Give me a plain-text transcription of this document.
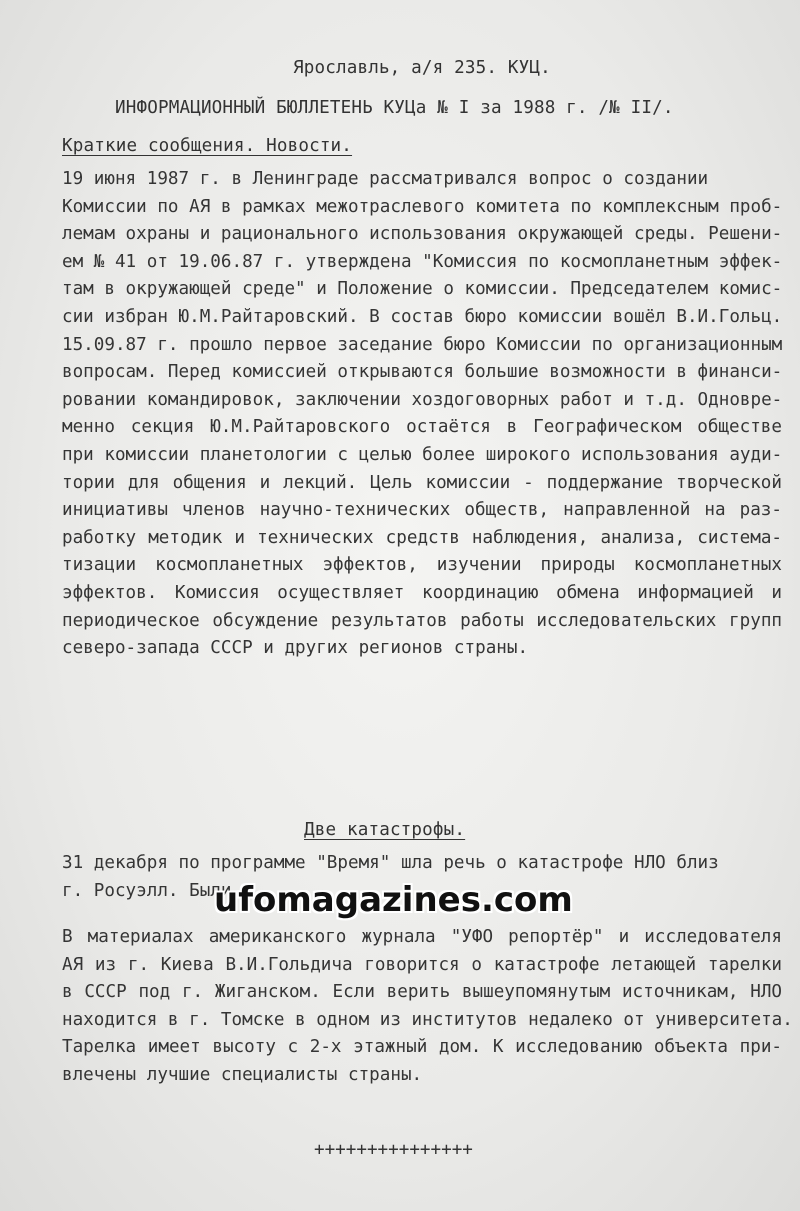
Ярославль, а/я 235. КУЦ.
ИНФОРМАЦИОННЫЙ БЮЛЛЕТЕНЬ КУЦа № I за 1988 г. /№ II/.
Краткие сообщения. Новости.
19 июня 1987 г. в Ленинграде рассматривался вопрос о создании
Комиссии по АЯ в рамках межотраслевого комитета по комплексным проб-
лемам охраны и рационального использования окружающей среды. Решени-
ем № 41 от 19.06.87 г. утверждена "Комиссия по космопланетным эффек-
там в окружающей среде" и Положение о комиссии. Председателем комис-
сии избран Ю.М.Райтаровский. В состав бюро комиссии вошёл В.И.Гольц.
15.09.87 г. прошло первое заседание бюро Комиссии по организационным
вопросам. Перед комиссией открываются большие возможности в финанси-
ровании командировок, заключении хоздоговорных работ и т.д. Одновре-
менно секция Ю.М.Райтаровского остаётся в Географическом обществе
при комиссии планетологии с целью более широкого использования ауди-
тории для общения и лекций. Цель комиссии - поддержание творческой
инициативы членов научно-технических обществ, направленной на раз-
работку методик и технических средств наблюдения, анализа, система-
тизации космопланетных эффектов, изучении природы космопланетных
эффектов. Комиссия осуществляет координацию обмена информацией и
периодическое обсуждение результатов работы исследовательских групп
северо-запада СССР и других регионов страны.
Две катастрофы.
31 декабря по программе "Время" шла речь о катастрофе НЛО близ
г. Росуэлл. Были п
В материалах американского журнала "УФО репортёр" и исследователя
АЯ из г. Киева В.И.Гольдича говорится о катастрофе летающей тарелки
в СССР под г. Жиганском. Если верить вышеупомянутым источникам, НЛО
находится в г. Томске в одном из институтов недалеко от университета.
Тарелка имеет высоту с 2-х этажный дом. К исследованию объекта при-
влечены лучшие специалисты страны.
+++++++++++++++
ufomagazines.com
